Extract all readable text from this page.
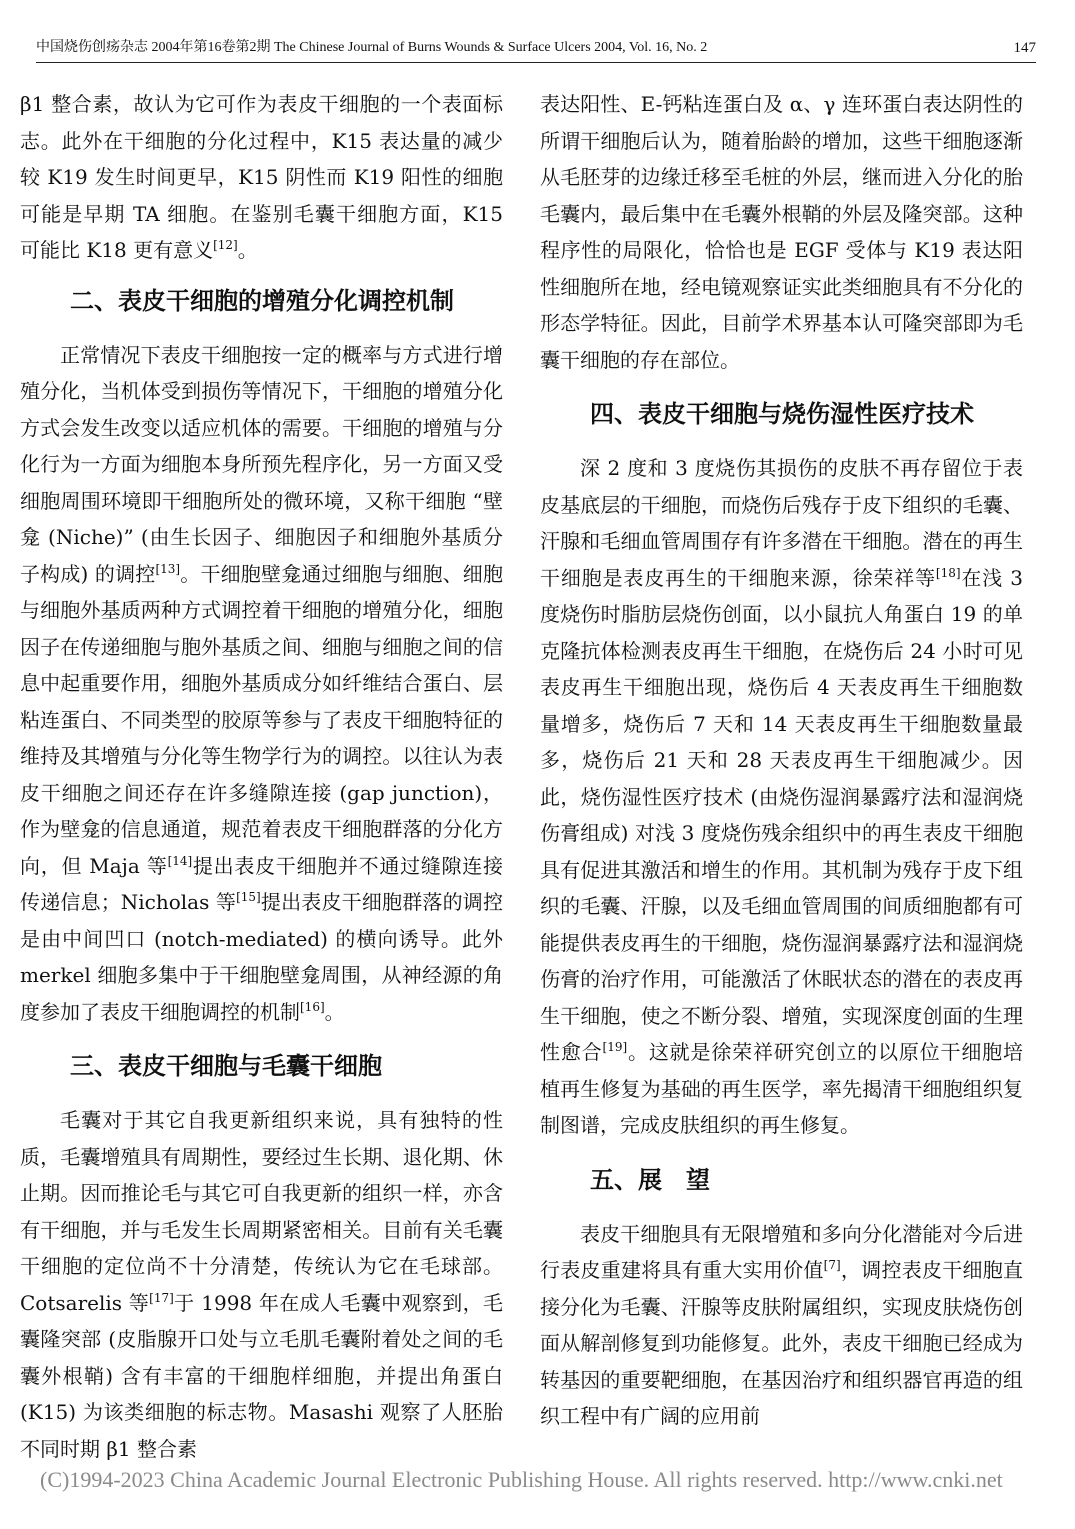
中国烧伤创疡杂志 2004年第16卷第2期 The Chinese Journal of Burns Wounds & Surface Ulcers 2004, Vol. 16, No. 2	147

β1 整合素，故认为它可作为表皮干细胞的一个表面标志。此外在干细胞的分化过程中，K15 表达量的减少较 K19 发生时间更早，K15 阴性而 K19 阳性的细胞可能是早期 TA 细胞。在鉴别毛囊干细胞方面，K15 可能比 K18 更有意义[12]。

二、表皮干细胞的增殖分化调控机制

正常情况下表皮干细胞按一定的概率与方式进行增殖分化，当机体受到损伤等情况下，干细胞的增殖分化方式会发生改变以适应机体的需要。干细胞的增殖与分化行为一方面为细胞本身所预先程序化，另一方面又受细胞周围环境即干细胞所处的微环境，又称干细胞 “壁龛 (Niche)” (由生长因子、细胞因子和细胞外基质分子构成) 的调控[13]。干细胞壁龛通过细胞与细胞、细胞与细胞外基质两种方式调控着干细胞的增殖分化，细胞因子在传递细胞与胞外基质之间、细胞与细胞之间的信息中起重要作用，细胞外基质成分如纤维结合蛋白、层粘连蛋白、不同类型的胶原等参与了表皮干细胞特征的维持及其增殖与分化等生物学行为的调控。以往认为表皮干细胞之间还存在许多缝隙连接 (gap junction)，作为壁龛的信息通道，规范着表皮干细胞群落的分化方向，但 Maja 等[14]提出表皮干细胞并不通过缝隙连接传递信息；Nicholas 等[15]提出表皮干细胞群落的调控是由中间凹口 (notch-mediated) 的横向诱导。此外 merkel 细胞多集中于干细胞壁龛周围，从神经源的角度参加了表皮干细胞调控的机制[16]。

三、表皮干细胞与毛囊干细胞

毛囊对于其它自我更新组织来说，具有独特的性质，毛囊增殖具有周期性，要经过生长期、退化期、休止期。因而推论毛与其它可自我更新的组织一样，亦含有干细胞，并与毛发生长周期紧密相关。目前有关毛囊干细胞的定位尚不十分清楚，传统认为它在毛球部。Cotsarelis 等[17]于 1998 年在成人毛囊中观察到，毛囊隆突部 (皮脂腺开口处与立毛肌毛囊附着处之间的毛囊外根鞘) 含有丰富的干细胞样细胞，并提出角蛋白 (K15) 为该类细胞的标志物。Masashi 观察了人胚胎不同时期 β1 整合素

表达阳性、E-钙粘连蛋白及 α、γ 连环蛋白表达阴性的所谓干细胞后认为，随着胎龄的增加，这些干细胞逐渐从毛胚芽的边缘迁移至毛桩的外层，继而进入分化的胎毛囊内，最后集中在毛囊外根鞘的外层及隆突部。这种程序性的局限化，恰恰也是 EGF 受体与 K19 表达阳性细胞所在地，经电镜观察证实此类细胞具有不分化的形态学特征。因此，目前学术界基本认可隆突部即为毛囊干细胞的存在部位。

四、表皮干细胞与烧伤湿性医疗技术

深 2 度和 3 度烧伤其损伤的皮肤不再存留位于表皮基底层的干细胞，而烧伤后残存于皮下组织的毛囊、汗腺和毛细血管周围存有许多潜在干细胞。潜在的再生干细胞是表皮再生的干细胞来源，徐荣祥等[18]在浅 3 度烧伤时脂肪层烧伤创面，以小鼠抗人角蛋白 19 的单克隆抗体检测表皮再生干细胞，在烧伤后 24 小时可见表皮再生干细胞出现，烧伤后 4 天表皮再生干细胞数量增多，烧伤后 7 天和 14 天表皮再生干细胞数量最多，烧伤后 21 天和 28 天表皮再生干细胞减少。因此，烧伤湿性医疗技术 (由烧伤湿润暴露疗法和湿润烧伤膏组成) 对浅 3 度烧伤残余组织中的再生表皮干细胞具有促进其激活和增生的作用。其机制为残存于皮下组织的毛囊、汗腺，以及毛细血管周围的间质细胞都有可能提供表皮再生的干细胞，烧伤湿润暴露疗法和湿润烧伤膏的治疗作用，可能激活了休眠状态的潜在的表皮再生干细胞，使之不断分裂、增殖，实现深度创面的生理性愈合[19]。这就是徐荣祥研究创立的以原位干细胞培植再生修复为基础的再生医学，率先揭清干细胞组织复制图谱，完成皮肤组织的再生修复。

五、展　望

表皮干细胞具有无限增殖和多向分化潜能对今后进行表皮重建将具有重大实用价值[7]，调控表皮干细胞直接分化为毛囊、汗腺等皮肤附属组织，实现皮肤烧伤创面从解剖修复到功能修复。此外，表皮干细胞已经成为转基因的重要靶细胞，在基因治疗和组织器官再造的组织工程中有广阔的应用前

(C)1994-2023 China Academic Journal Electronic Publishing House. All rights reserved. http://www.cnki.net
